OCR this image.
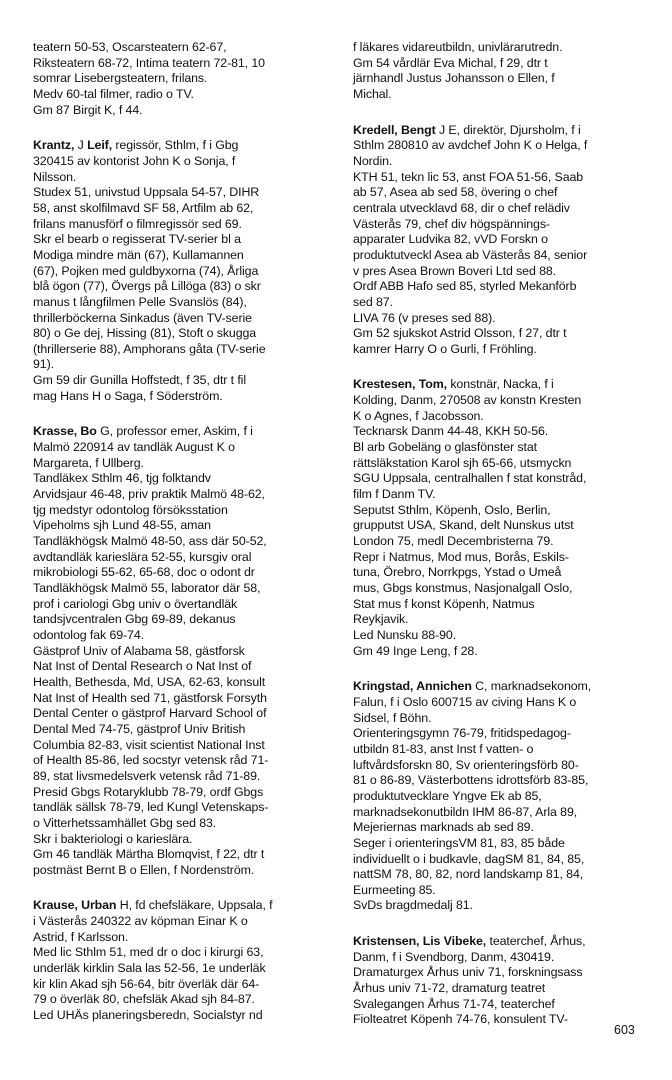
teatern 50-53, Oscarsteatern 62-67,
Riksteatern 68-72, Intima teatern 72-81, 10
somrar Lisebergsteatern, frilans.
Medv 60-tal filmer, radio o TV.
Gm 87 Birgit K, f 44.
Krantz, J Leif, regissör, Sthlm, f i Gbg
320415 av kontorist John K o Sonja, f
Nilsson.
Studex 51, univstud Uppsala 54-57, DIHR
58, anst skolfilmavd SF 58, Artfilm ab 62,
frilans manusförf o filmregissör sed 69.
Skr el bearb o regisserat TV-serier bl a
Modiga mindre män (67), Kullamannen
(67), Pojken med guldbyxorna (74), Årliga
blå ögon (77), Övergs på Lillöga (83) o skr
manus t långfilmen Pelle Svanslös (84),
thrillerböckerna Sinkadus (även TV-serie
80) o Ge dej, Hissing (81), Stoft o skugga
(thrillerserie 88), Amphorans gåta (TV-serie
91).
Gm 59 dir Gunilla Hoffstedt, f 35, dtr t fil
mag Hans H o Saga, f Söderström.
Krasse, Bo G, professor emer, Askim, f i
Malmö 220914 av tandläk August K o
Margareta, f Ullberg.
Tandläkex Sthlm 46, tjg folktandv
Arvidsjaur 46-48, priv praktik Malmö 48-62,
tjg medstyr odontolog försöksstation
Vipeholms sjh Lund 48-55, aman
Tandläkhögsk Malmö 48-50, ass där 50-52,
avdtandläk karieslära 52-55, kursgiv oral
mikrobiologi 55-62, 65-68, doc o odont dr
Tandläkhögsk Malmö 55, laborator där 58,
prof i cariologi Gbg univ o övertandläk
tandsjvcentralen Gbg 69-89, dekanus
odontolog fak 69-74.
Gästprof Univ of Alabama 58, gästforsk
Nat Inst of Dental Research o Nat Inst of
Health, Bethesda, Md, USA, 62-63, konsult
Nat Inst of Health sed 71, gästforsk Forsyth
Dental Center o gästprof Harvard School of
Dental Med 74-75, gästprof Univ British
Columbia 82-83, visit scientist National Inst
of Health 85-86, led socstyr vetensk råd 71-
89, stat livsmedelsverk vetensk råd 71-89.
Presid Gbgs Rotaryklubb 78-79, ordf Gbgs
tandläk sällsk 78-79, led Kungl Vetenskaps-
o Vitterhetssamhället Gbg sed 83.
Skr i bakteriologi o karieslära.
Gm 46 tandläk Märtha Blomqvist, f 22, dtr t
postmäst Bernt B o Ellen, f Nordenström.
Krause, Urban H, fd chefsläkare, Uppsala, f
i Västerås 240322 av köpman Einar K o
Astrid, f Karlsson.
Med lic Sthlm 51, med dr o doc i kirurgi 63,
underläk kirklin Sala las 52-56, 1e underläk
kir klin Akad sjh 56-64, bitr överläk där 64-
79 o överläk 80, chefsläk Akad sjh 84-87.
Led UHÄs planeringsberedn, Socialstyr nd
f läkares vidareutbildn, univlärarutredn.
Gm 54 vårdlär Eva Michal, f 29, dtr t
järnhandl Justus Johansson o Ellen, f
Michal.
Kredell, Bengt J E, direktör, Djursholm, f i
Sthlm 280810 av avdchef John K o Helga, f
Nordin.
KTH 51, tekn lic 53, anst FOA 51-56, Saab
ab 57, Asea ab sed 58, övering o chef
centrala utvecklavd 68, dir o chef relädiv
Västerås 79, chef div högspännings-
apparater Ludvika 82, vVD Forskn o
produktutveckl Asea ab Västerås 84, senior
v pres Asea Brown Boveri Ltd sed 88.
Ordf ABB Hafo sed 85, styrled Mekanförb
sed 87.
LIVA 76 (v preses sed 88).
Gm 52 sjukskot Astrid Olsson, f 27, dtr t
kamrer Harry O o Gurli, f Fröhling.
Krestesen, Tom, konstnär, Nacka, f i
Kolding, Danm, 270508 av konstn Kresten
K o Agnes, f Jacobsson.
Tecknarsk Danm 44-48, KKH 50-56.
Bl arb Gobeläng o glasfönster stat
rättsläkstation Karol sjh 65-66, utsmyckn
SGU Uppsala, centralhallen f stat konstråd,
film f Danm TV.
Seputst Sthlm, Köpenh, Oslo, Berlin,
grupputst USA, Skand, delt Nunskus utst
London 75, medl Decembristerna 79.
Repr i Natmus, Mod mus, Borås, Eskils-
tuna, Örebro, Norrkpgs, Ystad o Umeå
mus, Gbgs konstmus, Nasjonalgall Oslo,
Stat mus f konst Köpenh, Natmus
Reykjavik.
Led Nunsku 88-90.
Gm 49 Inge Leng, f 28.
Kringstad, Annichen C, marknadsekonom,
Falun, f i Oslo 600715 av civing Hans K o
Sidsel, f Böhn.
Orienteringsgymn 76-79, fritidspedagog-
utbildn 81-83, anst Inst f vatten- o
luftvårdsforskn 80, Sv orienteringsförb 80-
81 o 86-89, Västerbottens idrottsförb 83-85,
produktutvecklare Yngve Ek ab 85,
marknadsekonutbildn IHM 86-87, Arla 89,
Mejeriernas marknads ab sed 89.
Seger i orienteringsVM 81, 83, 85 både
individuellt o i budkavle, dagSM 81, 84, 85,
nattSM 78, 80, 82, nord landskamp 81, 84,
Eurmeeting 85.
SvDs bragdmedalj 81.
Kristensen, Lis Vibeke, teaterchef, Århus,
Danm, f i Svendborg, Danm, 430419.
Dramaturgex Århus univ 71, forskningsass
Århus univ 71-72, dramaturg teatret
Svalegangen Århus 71-74, teaterchef
Fiolteatret Köpenh 74-76, konsulent TV-
603
